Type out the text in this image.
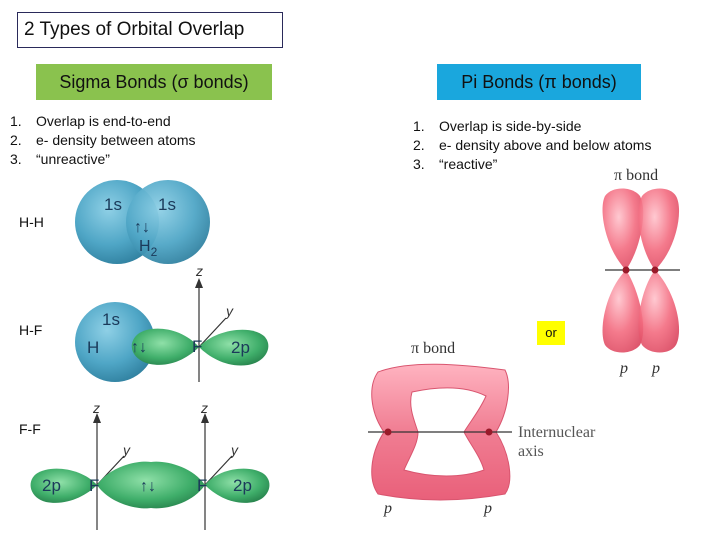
2 Types of Orbital Overlap
Sigma Bonds (σ bonds)	Pi Bonds (π bonds)
1.	Overlap is end-to-end
2.	e- density between atoms
3.	“unreactive”
1.	Overlap is side-by-side
2.	e- density above and below atoms
3.	“reactive”
H-H
H-F
F-F
1s 1s
↑↓
$H_2$
z
y
1s
H ↑↓	F 2p
z
y
z
y
2p F	↑↓ F 2p
π bond
p p
π bond
Internuclear
axis
p	p
or
